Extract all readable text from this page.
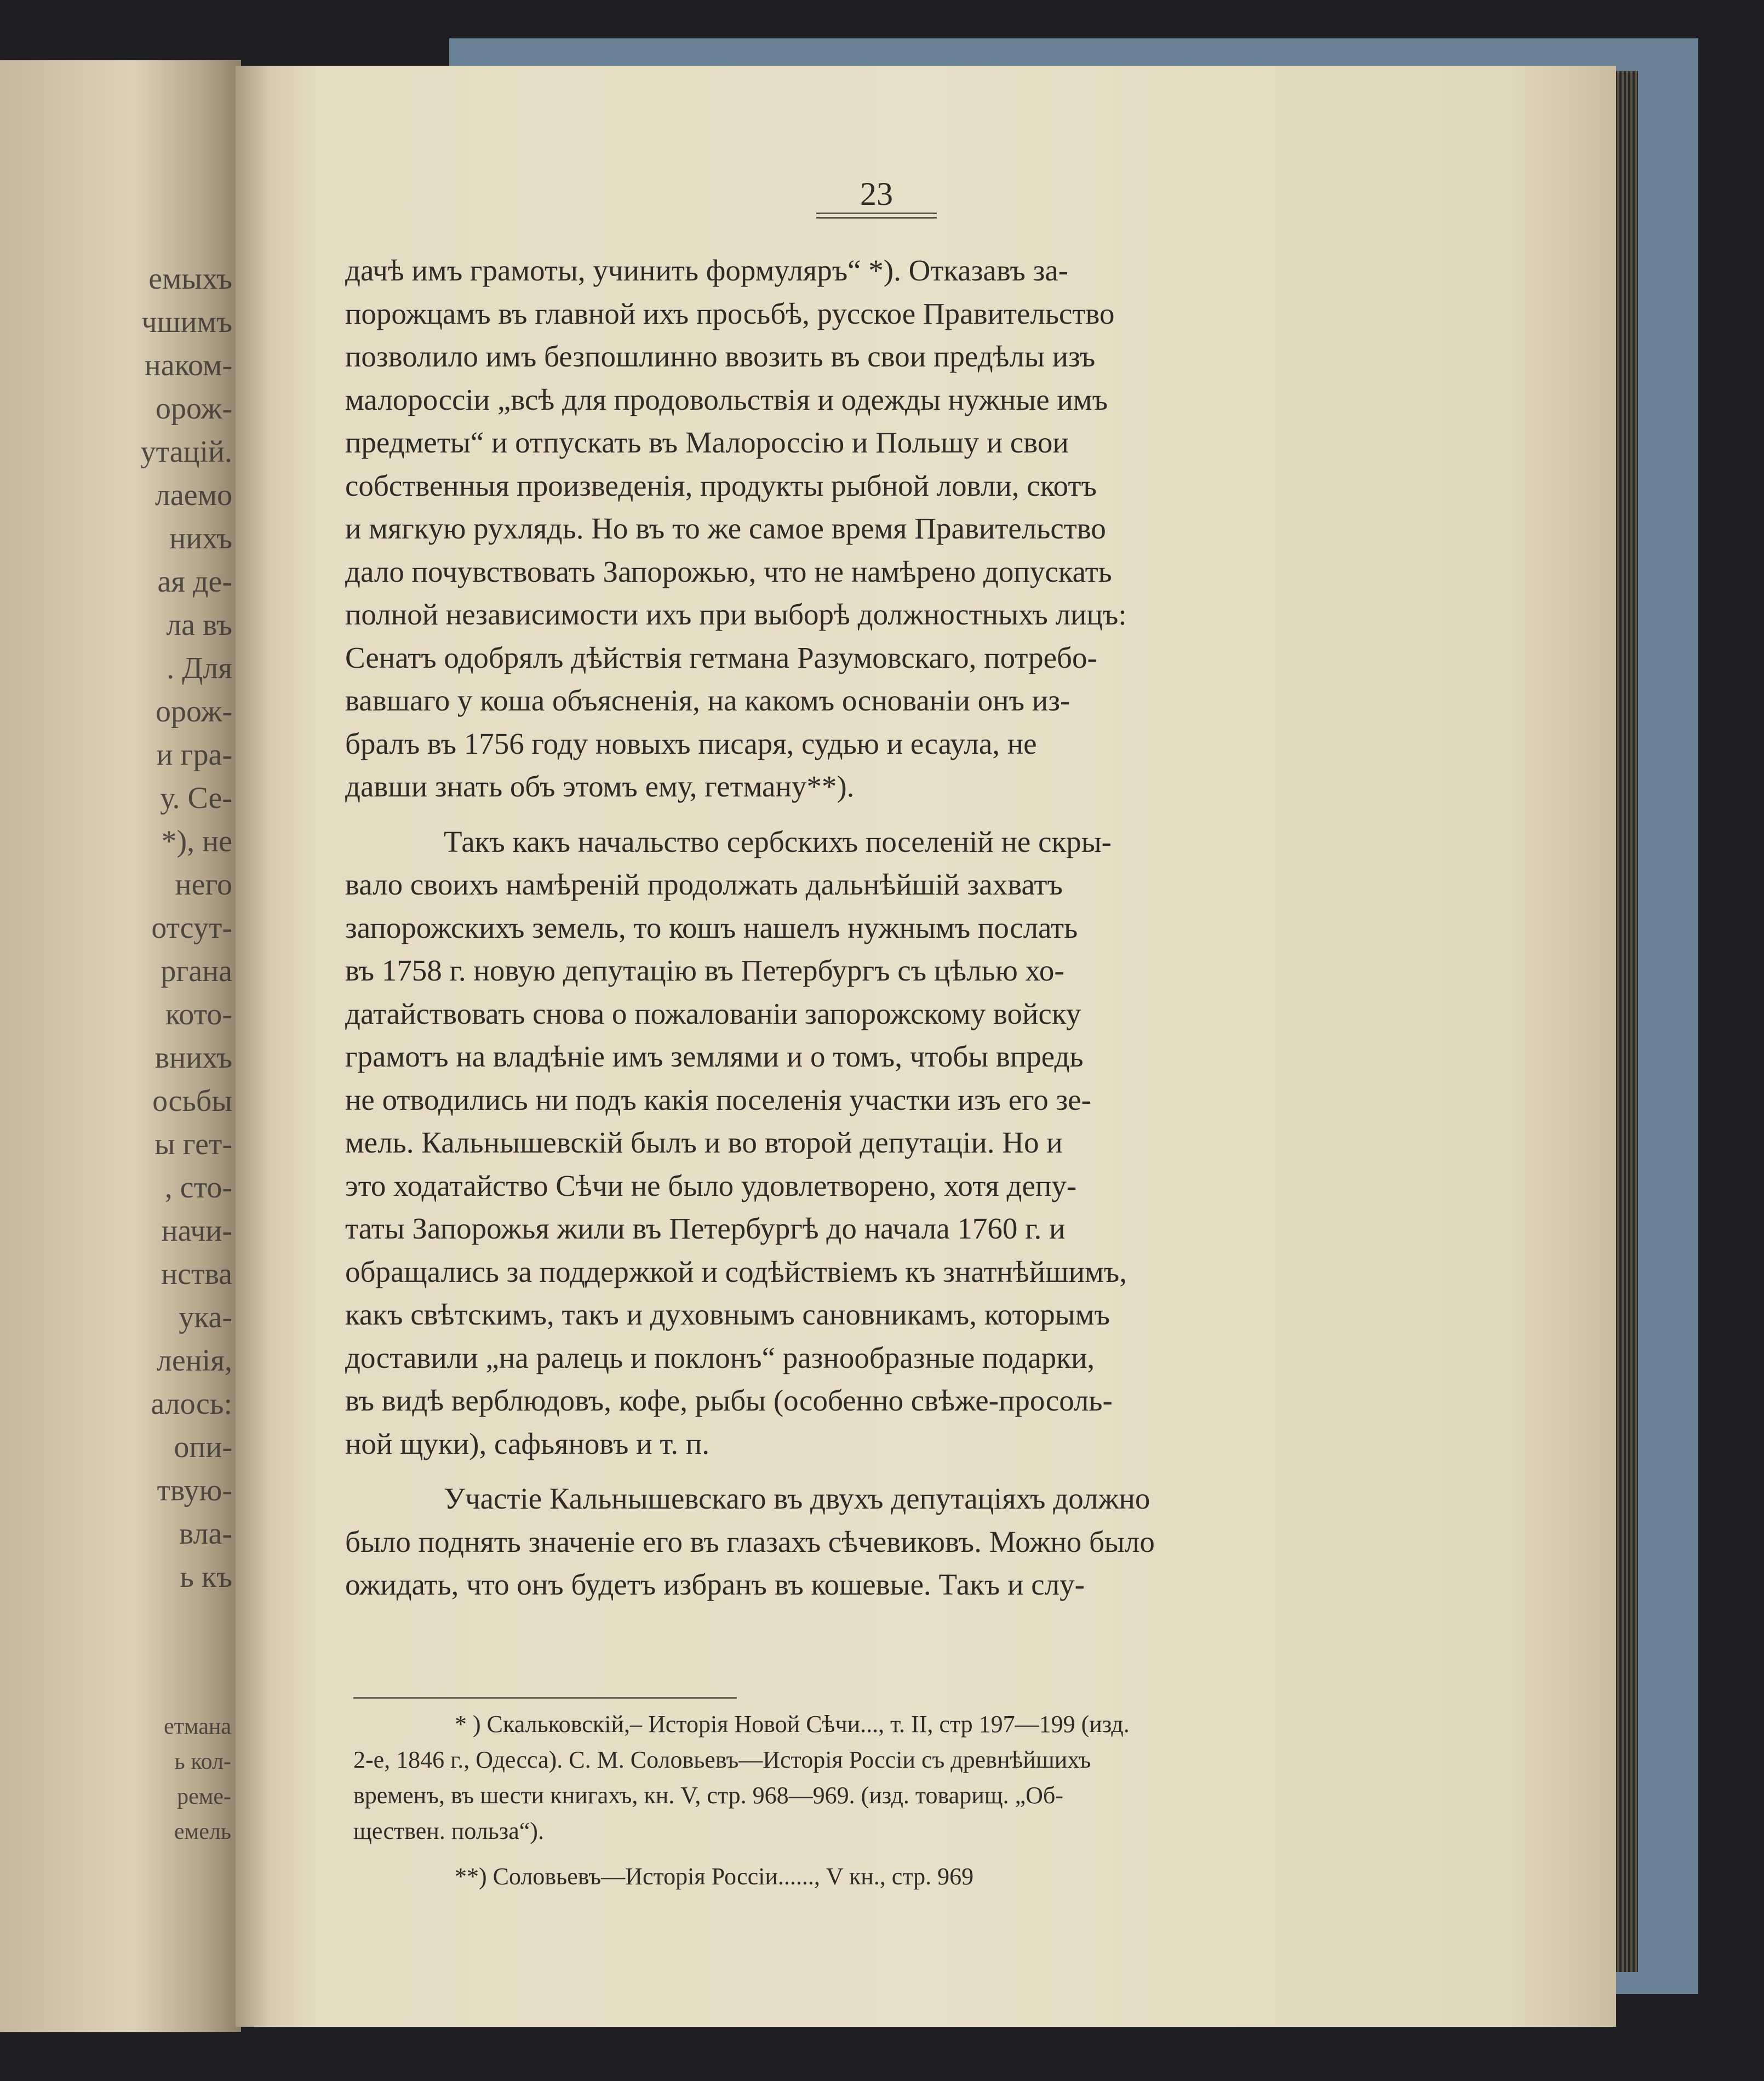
емыхъ
чшимъ
наком-
орож-
утацій.
лаемо
нихъ
ая де-
ла въ
. Для
орож-
и гра-
у. Се-
*), не
него
отсут-
ргана
кото-
внихъ
осьбы
ы гет-
, сто-
начи-
нства
ука-
ленія,
алось:
опи-
твую-
вла-
ь къ
етмана
ь кол-
реме-
емель
23
дачѣ имъ грамоты, учинить формуляръ“ *). Отказавъ за-
порожцамъ въ главной ихъ просьбѣ, русское Правительство
позволило имъ безпошлинно ввозить въ свои предѣлы изъ
малороссіи „всѣ для продовольствія и одежды нужные имъ
предметы“ и отпускать въ Малороссію и Польшу и свои
собственныя произведенія, продукты рыбной ловли, скотъ
и мягкую рухлядь. Но въ то же самое время Правительство
дало почувствовать Запорожью, что не намѣрено допускать
полной независимости ихъ при выборѣ должностныхъ лицъ:
Сенатъ одобрялъ дѣйствія гетмана Разумовскаго, потребо-
вавшаго у коша объясненія, на какомъ основаніи онъ из-
бралъ въ 1756 году новыхъ писаря, судью и есаула, не
давши знать объ этомъ ему, гетману**).
Такъ какъ начальство сербскихъ поселеній не скры-
вало своихъ намѣреній продолжать дальнѣйшій захватъ
запорожскихъ земель, то кошъ нашелъ нужнымъ послать
въ 1758 г. новую депутацію въ Петербургъ съ цѣлью хо-
датайствовать снова о пожалованіи запорожскому войску
грамотъ на владѣніе имъ землями и о томъ, чтобы впредь
не отводились ни подъ какія поселенія участки изъ его зе-
мель. Кальнышевскій былъ и во второй депутаціи. Но и
это ходатайство Сѣчи не было удовлетворено, хотя депу-
таты Запорожья жили въ Петербургѣ до начала 1760 г. и
обращались за поддержкой и содѣйствіемъ къ знатнѣйшимъ,
какъ свѣтскимъ, такъ и духовнымъ сановникамъ, которымъ
доставили „на ралець и поклонъ“ разнообразные подарки,
въ видѣ верблюдовъ, кофе, рыбы (особенно свѣже-просоль-
ной щуки), сафьяновъ и т. п.
Участіе Кальнышевскаго въ двухъ депутаціяхъ должно
было поднять значеніе его въ глазахъ сѣчевиковъ. Можно было
ожидать, что онъ будетъ избранъ въ кошевые. Такъ и слу-
* ) Скальковскій,– Исторія Новой Сѣчи..., т. II, стр 197—199 (изд.
2-е, 1846 г., Одесса). С. М. Соловьевъ—Исторія Россіи съ древнѣйшихъ
временъ, въ шести книгахъ, кн. V, стр. 968—969. (изд. товарищ. „Об-
ществен. польза“).
**) Соловьевъ—Исторія Россіи......, V кн., стр. 969
